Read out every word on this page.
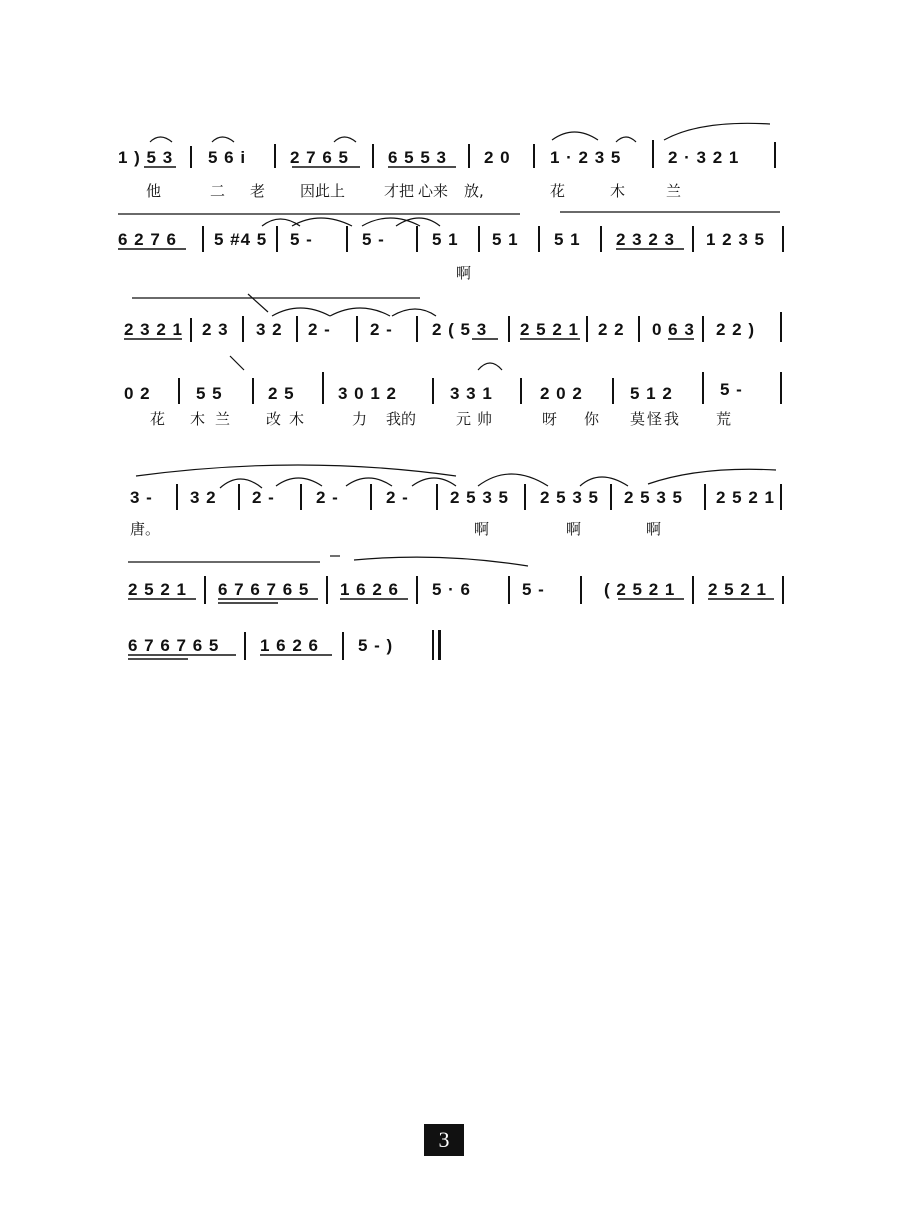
1 ) 5 3 5 6 i	2 7 6 5 6 5 5 3 2 0 1 · 2 3 5	2 · 3 2 1
他	二 老 因此上	才把 心来 放,	花	木	兰
6 2 7 6 5 #4 5 5 -	5 -	5 1 5 1 5 1 2 3 2 3 1 2 3 5
啊
2 3 2 1 2 3 3 2 2 - 2 - 2 ( 5 3 2 5 2 1 2 2 0 6 3 2 2 )
0 2	5 5	2 5	3 0 1 2	3 3 1	2 0 2	5 1 2	5 -
花 木兰 改木	力 我的	元帅	呀 你 莫怪我 荒
3 - 3 2 2 - 2 -	2 - 2 5 3 5 2 5 3 5 2 5 3 5 2 5 2 1
唐。	啊	啊	啊
2 5 2 1 6 7 6 7 6 5 1 6 2 6 5 · 6	5 -	( 2 5 2 1 2 5 2 1
6 7 6 7 6 5 1 6 2 6 5 - )
3
